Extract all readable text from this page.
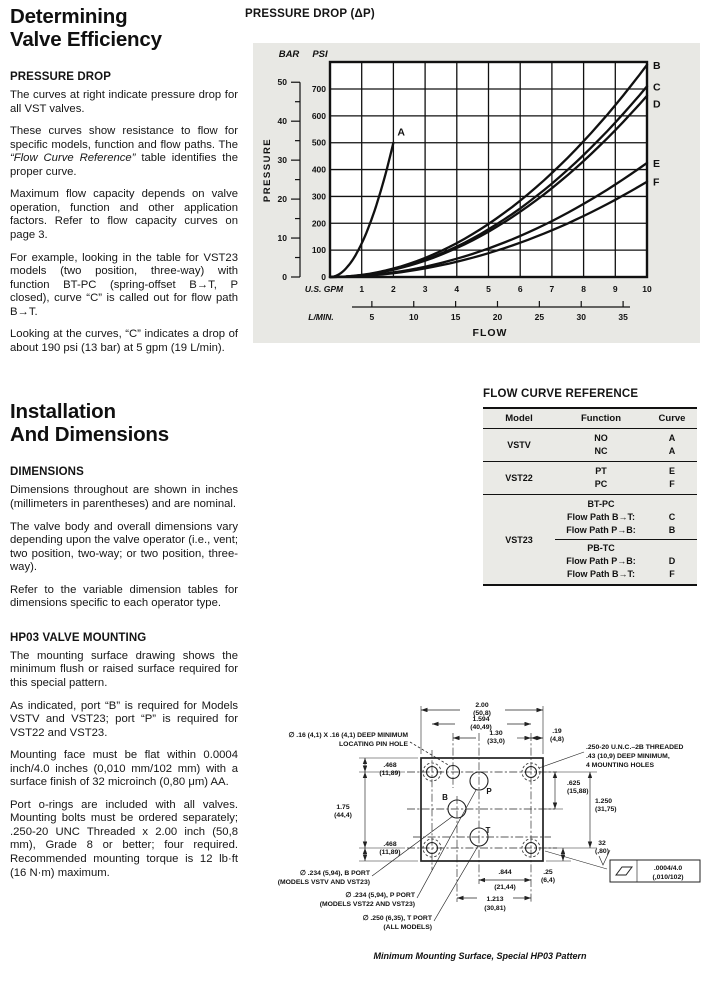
Determining
Valve Efficiency
PRESSURE DROP

The curves at right indicate pressure drop for all VST valves.

These curves show resistance to flow for specific models, function and flow paths. The “Flow Curve Reference” table identifies the proper curve.

Maximum flow capacity depends on valve operation, function and other application factors. Refer to flow capacity curves on page 3.

For example, looking in the table for VST23 models (two position, three-way) with function BT-PC (spring-offset B→T, P closed), curve “C” is called out for flow path B→T.

Looking at the curves, “C” indicates a drop of about 190 psi (13 bar) at 5 gpm (19 L/min).

Installation
And Dimensions
DIMENSIONS

Dimensions throughout are shown in inches (millimeters in parentheses) and are nominal.

The valve body and overall dimensions vary depending upon the valve operator (i.e., vent; two position, two-way; or two position, three-way).

Refer to the variable dimension tables for dimensions specific to each operator type.

HP03 VALVE MOUNTING

The mounting surface drawing shows the minimum flush or raised surface required for this special pattern.

As indicated, port “B” is required for Models VSTV and VST23; port “P” is required for VST22 and VST23.

Mounting face must be flat within 0.0004 inch/4.0 inches (0,010 mm/102 mm) with a surface finish of 32 microinch (0,80 μm) AA.

Port o-rings are included with all valves. Mounting bolts must be ordered separately; .250-20 UNC Threaded x 2.00 inch (50,8 mm), Grade 8 or better; four required. Recommended mounting torque is 12 lb·ft (16 N·m) maximum.

PRESSURE DROP (ΔP)
A
B
C
D
E
F
700
600
500
400
300
200
100
0
50
40
30
20
10
0
1	2	3	4	5	6	7	8	9	10
5	10	15	20	25	30	35
BAR PSI
U.S. GPM
L/MIN.
FLOW
PRESSURE
FLOW CURVE REFERENCE
Model	Function	Curve
VSTV
NO	A
NC	A
VST22
PT	E
PC	F
VST23
BT-PC
Flow Path B→T:	C
Flow Path P→B:	B
PB-TC
Flow Path P→B:	D
Flow Path B→T:	F
B
P
T
2.00
(50,8)
1.594
(40,49)
1.30
(33,0)
.19
(4,8)
.468
(11,89)
1.75
(44,4)
.468
(11,89)
.625
(15,88)
1.250
(31,75)
.844
(21,44)
1.213
(30,81)
.25
(6,4)
∅ .16 (4,1) X .16 (4,1) DEEP MINIMUM
LOCATING PIN HOLE	.250-20 U.N.C.–2B THREADED
.43 (10,9) DEEP MINIMUM,
4 MOUNTING HOLES
∅ .234 (5,94), B PORT
(MODELS VSTV AND VST23)
∅ .234 (5,94), P PORT
(MODELS VST22 AND VST23)
∅ .250 (6,35), T PORT
(ALL MODELS)
32
(,80)
.0004/4.0
(,010/102)
Minimum Mounting Surface, Special HP03 Pattern
